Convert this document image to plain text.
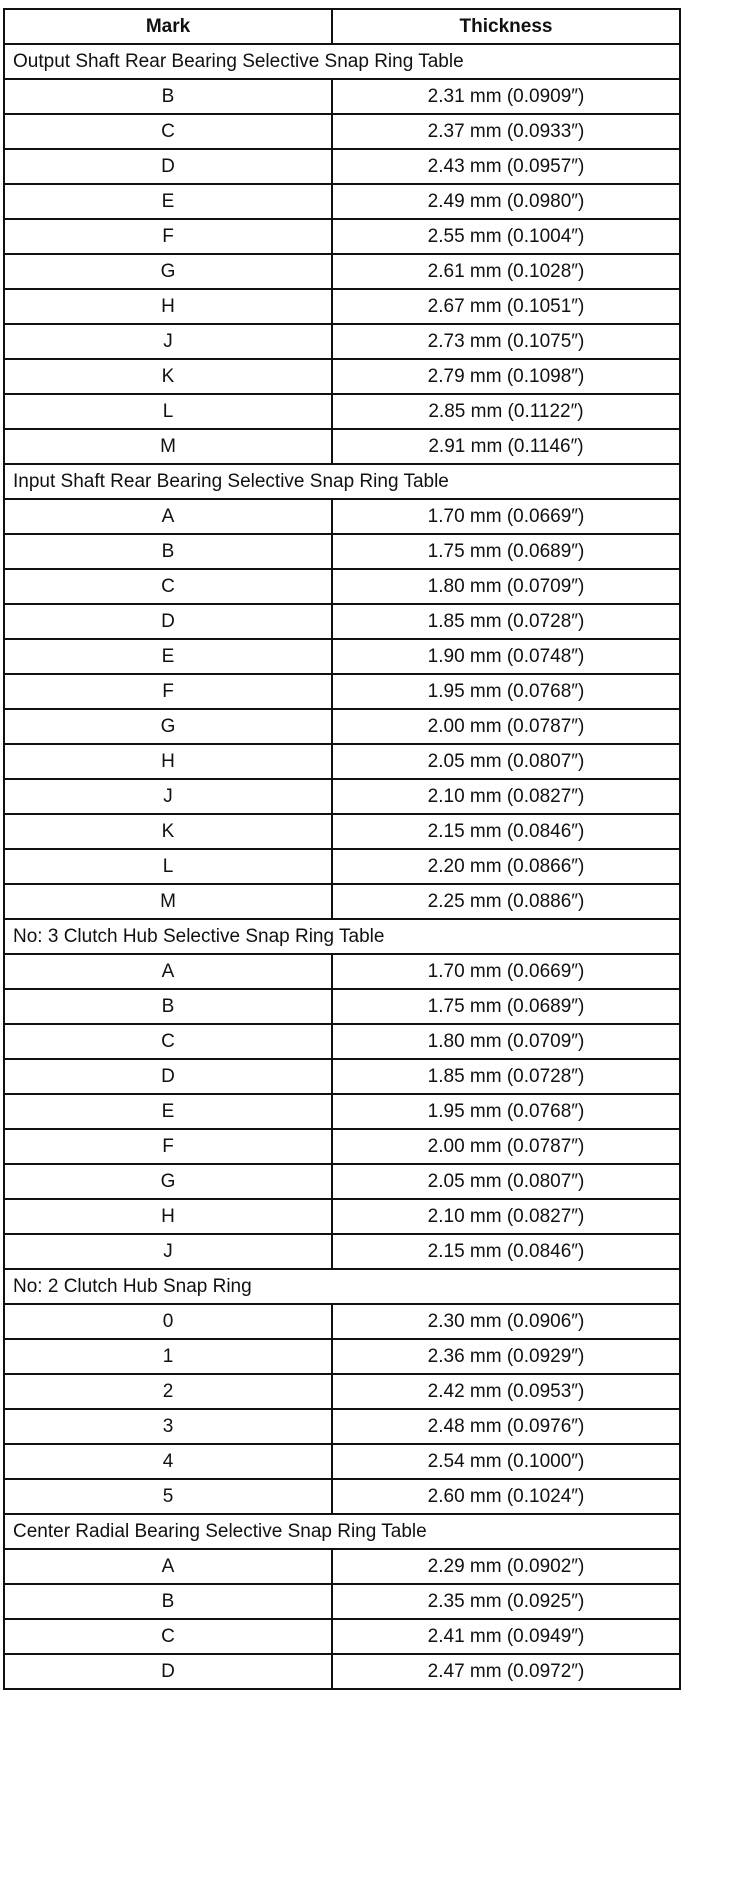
Mark	Thickness
Output Shaft Rear Bearing Selective Snap Ring Table	
B	2.31 mm (0.0909″)
C	2.37 mm (0.0933″)
D	2.43 mm (0.0957″)
E	2.49 mm (0.0980″)
F	2.55 mm (0.1004″)
G	2.61 mm (0.1028″)
H	2.67 mm (0.1051″)
J	2.73 mm (0.1075″)
K	2.79 mm (0.1098″)
L	2.85 mm (0.1122″)
M	2.91 mm (0.1146″)
Input Shaft Rear Bearing Selective Snap Ring Table	
A	1.70 mm (0.0669″)
B	1.75 mm (0.0689″)
C	1.80 mm (0.0709″)
D	1.85 mm (0.0728″)
E	1.90 mm (0.0748″)
F	1.95 mm (0.0768″)
G	2.00 mm (0.0787″)
H	2.05 mm (0.0807″)
J	2.10 mm (0.0827″)
K	2.15 mm (0.0846″)
L	2.20 mm (0.0866″)
M	2.25 mm (0.0886″)
No: 3 Clutch Hub Selective Snap Ring Table	
A	1.70 mm (0.0669″)
B	1.75 mm (0.0689″)
C	1.80 mm (0.0709″)
D	1.85 mm (0.0728″)
E	1.95 mm (0.0768″)
F	2.00 mm (0.0787″)
G	2.05 mm (0.0807″)
H	2.10 mm (0.0827″)
J	2.15 mm (0.0846″)
No: 2 Clutch Hub Snap Ring	
0	2.30 mm (0.0906″)
1	2.36 mm (0.0929″)
2	2.42 mm (0.0953″)
3	2.48 mm (0.0976″)
4	2.54 mm (0.1000″)
5	2.60 mm (0.1024″)
Center Radial Bearing Selective Snap Ring Table	
A	2.29 mm (0.0902″)
B	2.35 mm (0.0925″)
C	2.41 mm (0.0949″)
D	2.47 mm (0.0972″)
